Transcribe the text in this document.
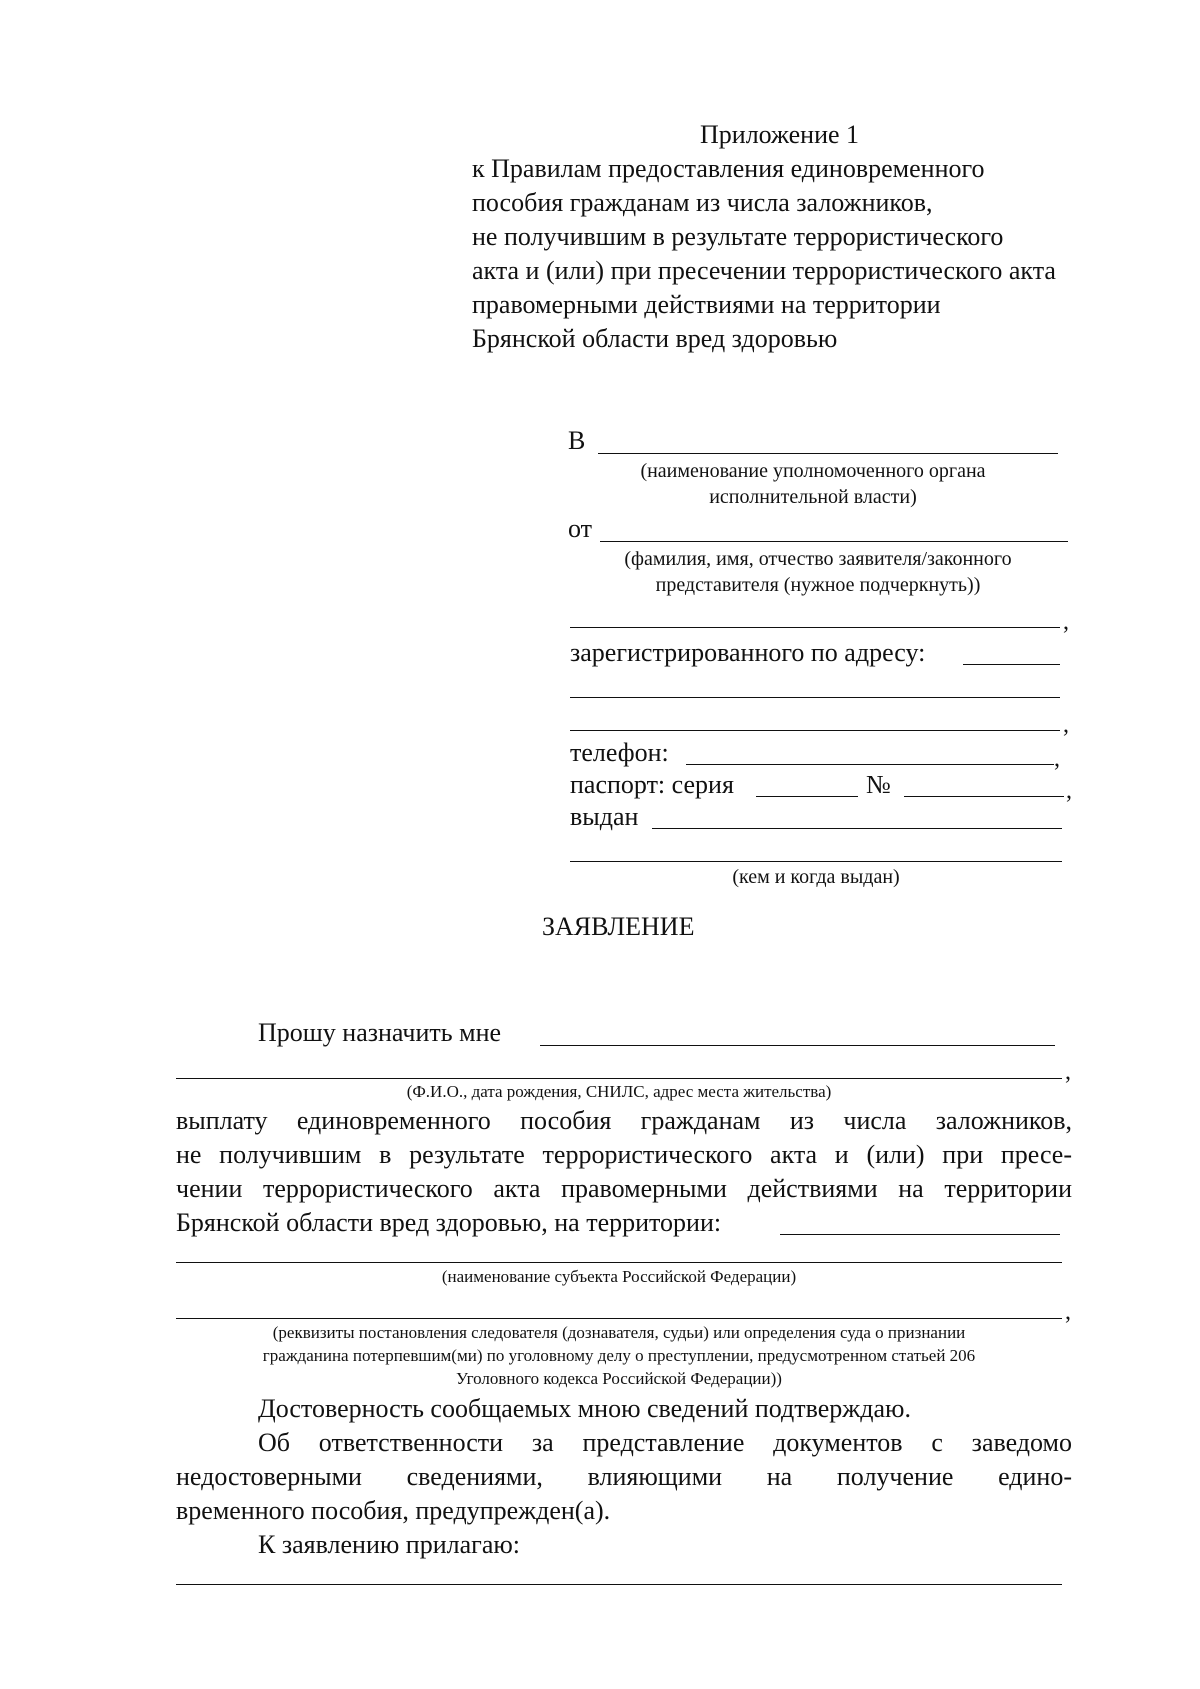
Приложение 1
к Правилам предоставления единовременного
пособия гражданам из числа заложников,
не получившим в результате террористического
акта и (или) при пресечении террористического акта
правомерными действиями на территории
Брянской области вред здоровью
В
(наименование уполномоченного органа
исполнительной власти)
от
(фамилия, имя, отчество заявителя/законного
представителя (нужное подчеркнуть))
,
зарегистрированного по адресу:
,
телефон:	,
паспорт: серия	№	,
выдан
(кем и когда выдан)
ЗАЯВЛЕНИЕ
Прошу назначить мне
,
(Ф.И.О., дата рождения, СНИЛС, адрес места жительства)
выплату единовременного пособия гражданам из числа заложников,
не получившим в результате террористического акта и (или) при пресе-
чении террористического акта правомерными действиями на территории
Брянской области вред здоровью, на территории:
(наименование субъекта Российской Федерации)
,
(реквизиты постановления следователя (дознавателя, судьи) или определения суда о признании
гражданина потерпевшим(ми) по уголовному делу о преступлении, предусмотренном статьей 206
Уголовного кодекса Российской Федерации))
Достоверность сообщаемых мною сведений подтверждаю.
Об ответственности за представление документов с заведомо
недостоверными сведениями, влияющими на получение едино-
временного пособия, предупрежден(а).
К заявлению прилагаю:
